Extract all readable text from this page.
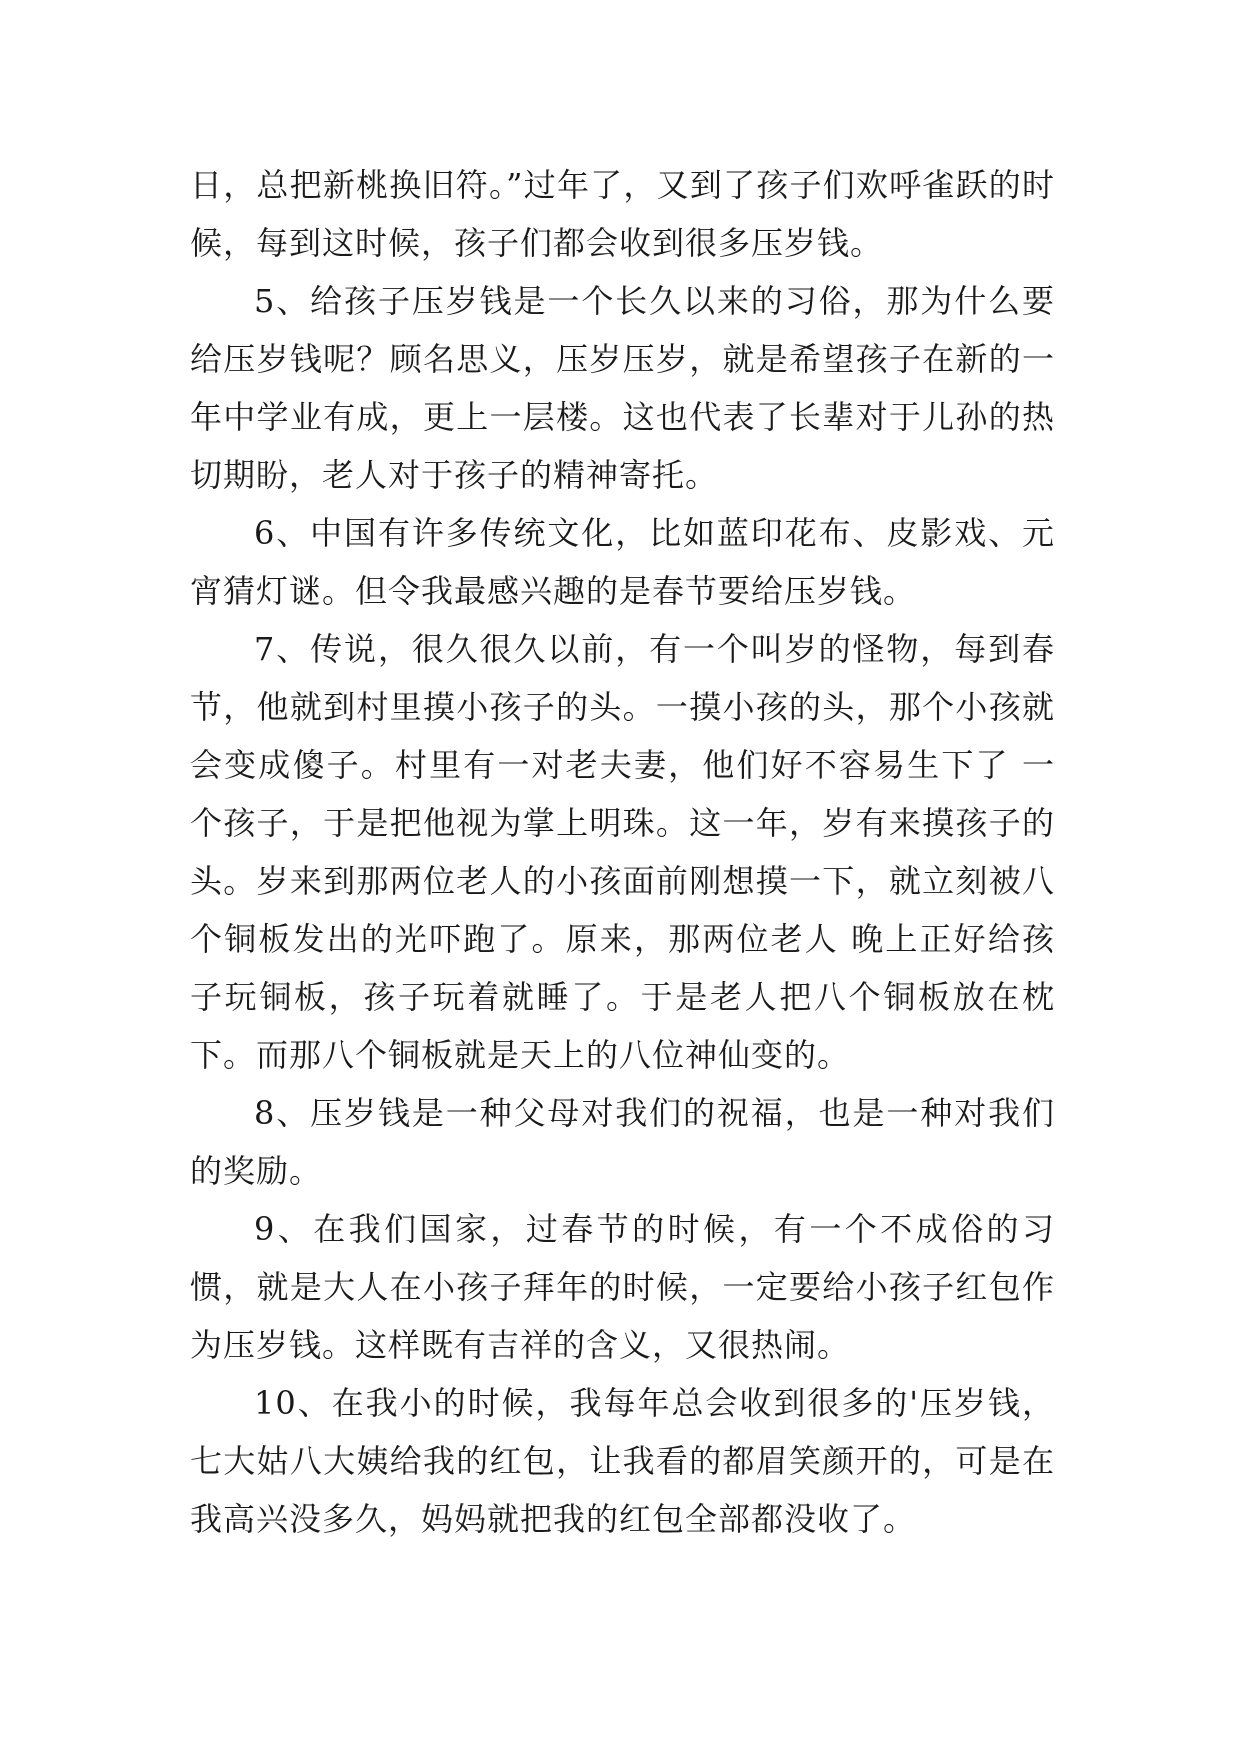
日，总把新桃换旧符。”过年了，又到了孩子们欢呼雀跃的时候，每到这时候，孩子们都会收到很多压岁钱。

5、给孩子压岁钱是一个长久以来的习俗，那为什么要给压岁钱呢？顾名思义，压岁压岁，就是希望孩子在新的一年中学业有成，更上一层楼。这也代表了长辈对于儿孙的热切期盼，老人对于孩子的精神寄托。

6、中国有许多传统文化，比如蓝印花布、皮影戏、元宵猜灯谜。但令我最感兴趣的是春节要给压岁钱。

7、传说，很久很久以前，有一个叫岁的怪物，每到春节，他就到村里摸小孩子的头。一摸小孩的头，那个小孩就会变成傻子。村里有一对老夫妻，他们好不容易生下了 一个孩子，于是把他视为掌上明珠。这一年，岁有来摸孩子的头。岁来到那两位老人的小孩面前刚想摸一下，就立刻被八个铜板发出的光吓跑了。原来，那两位老人 晚上正好给孩子玩铜板，孩子玩着就睡了。于是老人把八个铜板放在枕下。而那八个铜板就是天上的八位神仙变的。

8、压岁钱是一种父母对我们的祝福，也是一种对我们的奖励。

9、在我们国家，过春节的时候，有一个不成俗的习惯，就是大人在小孩子拜年的时候，一定要给小孩子红包作为压岁钱。这样既有吉祥的含义，又很热闹。

10、在我小的时候，我每年总会收到很多的'压岁钱，七大姑八大姨给我的红包，让我看的都眉笑颜开的，可是在我高兴没多久，妈妈就把我的红包全部都没收了。
